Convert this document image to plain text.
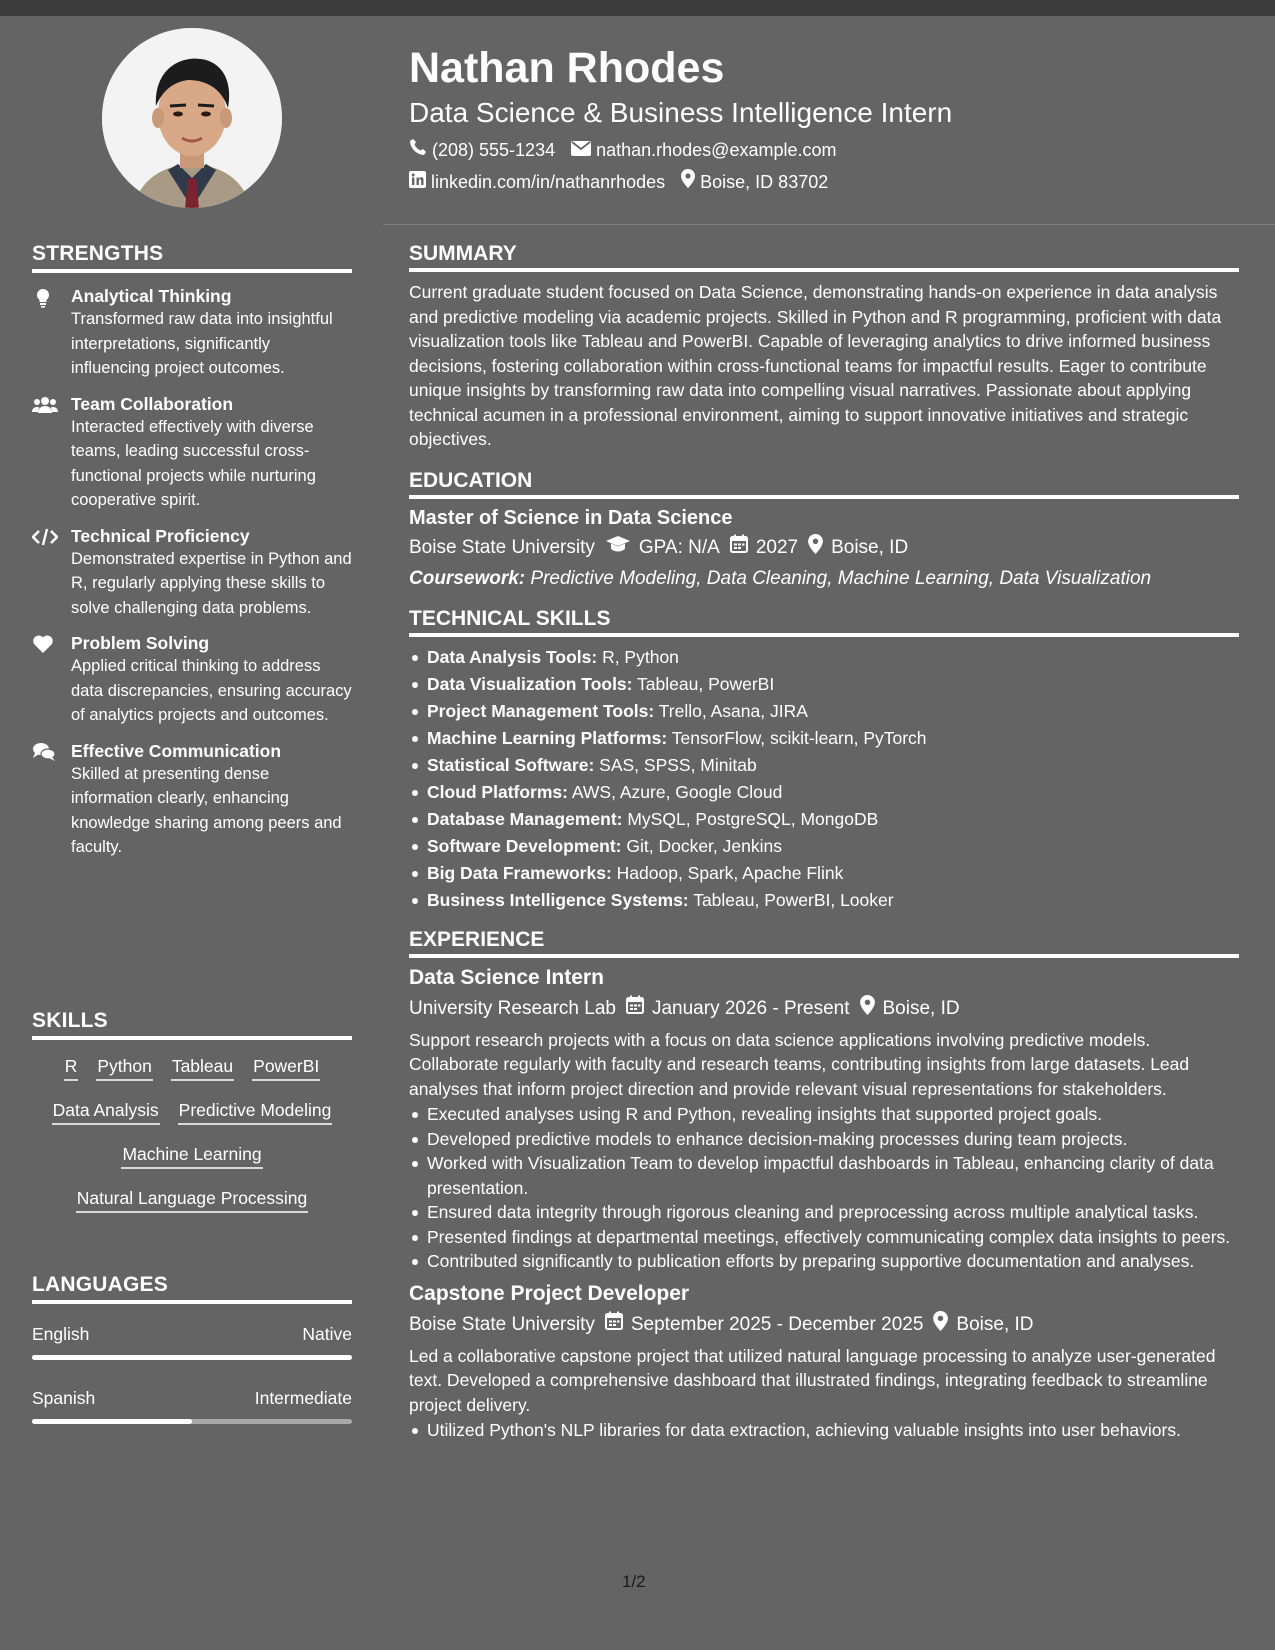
STRENGTHS
Analytical Thinking
Transformed raw data into insightful interpretations, significantly influencing project outcomes.
Team Collaboration
Interacted effectively with diverse teams, leading successful cross-functional projects while nurturing cooperative spirit.
Technical Proficiency
Demonstrated expertise in Python and R, regularly applying these skills to solve challenging data problems.
Problem Solving
Applied critical thinking to address data discrepancies, ensuring accuracy of analytics projects and outcomes.
Effective Communication
Skilled at presenting dense information clearly, enhancing knowledge sharing among peers and faculty.
SKILLS
R Python Tableau PowerBI
Data Analysis Predictive Modeling
Machine Learning
Natural Language Processing
LANGUAGES
English	Native
Spanish	Intermediate
Nathan Rhodes
Data Science & Business Intelligence Intern
(208) 555-1234 nathan.rhodes@example.com
linkedin.com/in/nathanrhodes Boise, ID 83702
SUMMARY
Current graduate student focused on Data Science, demonstrating hands-on experience in data analysis and predictive modeling via academic projects. Skilled in Python and R programming, proficient with data visualization tools like Tableau and PowerBI. Capable of leveraging analytics to drive informed business decisions, fostering collaboration within cross-functional teams for impactful results. Eager to contribute unique insights by transforming raw data into compelling visual narratives. Passionate about applying technical acumen in a professional environment, aiming to support innovative initiatives and strategic objectives.
EDUCATION
Master of Science in Data Science
Boise State University GPA: N/A 2027 Boise, ID
Coursework: Predictive Modeling, Data Cleaning, Machine Learning, Data Visualization
TECHNICAL SKILLS
Data Analysis Tools: R, Python
Data Visualization Tools: Tableau, PowerBI
Project Management Tools: Trello, Asana, JIRA
Machine Learning Platforms: TensorFlow, scikit-learn, PyTorch
Statistical Software: SAS, SPSS, Minitab
Cloud Platforms: AWS, Azure, Google Cloud
Database Management: MySQL, PostgreSQL, MongoDB
Software Development: Git, Docker, Jenkins
Big Data Frameworks: Hadoop, Spark, Apache Flink
Business Intelligence Systems: Tableau, PowerBI, Looker
EXPERIENCE
Data Science Intern
University Research Lab January 2026 - Present Boise, ID
Support research projects with a focus on data science applications involving predictive models. Collaborate regularly with faculty and research teams, contributing insights from large datasets. Lead analyses that inform project direction and provide relevant visual representations for stakeholders.
Executed analyses using R and Python, revealing insights that supported project goals.
Developed predictive models to enhance decision-making processes during team projects.
Worked with Visualization Team to develop impactful dashboards in Tableau, enhancing clarity of data presentation.
Ensured data integrity through rigorous cleaning and preprocessing across multiple analytical tasks.
Presented findings at departmental meetings, effectively communicating complex data insights to peers.
Contributed significantly to publication efforts by preparing supportive documentation and analyses.
Capstone Project Developer
Boise State University September 2025 - December 2025 Boise, ID
Led a collaborative capstone project that utilized natural language processing to analyze user-generated text. Developed a comprehensive dashboard that illustrated findings, integrating feedback to streamline project delivery.
Utilized Python's NLP libraries for data extraction, achieving valuable insights into user behaviors.
1/2
